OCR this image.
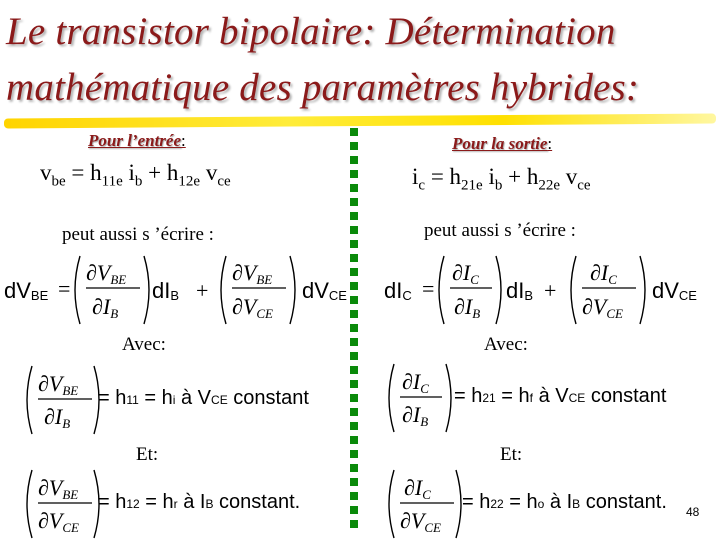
Le transistor bipolaire: Détermination
mathématique des paramètres hybrides:
Pour l’entrée:
$v_{be} = h_{11e}$ $i_b + h_{12e}$ $v_{ce}$
peut aussi s ’écrire :
dVBE =
∂VBE
∂IB
dIB +
∂VBE
∂VCE
dVCE
Avec:
∂VBE
∂IB
= h11 = hi à VCE constant
Et:
∂VBE
∂VCE
= h12 = hr à IB constant.
Pour la sortie:
$i_c = h_{21e}$ $i_b + h_{22e}$ $v_{ce}$
peut aussi s ’écrire :
dIC =
∂IC
∂IB
dIB +
∂IC
∂VCE
dVCE
Avec:
∂IC
∂IB
= h21 = hf à VCE constant
Et:
∂IC
∂VCE
= h22 = ho à IB constant. 48
